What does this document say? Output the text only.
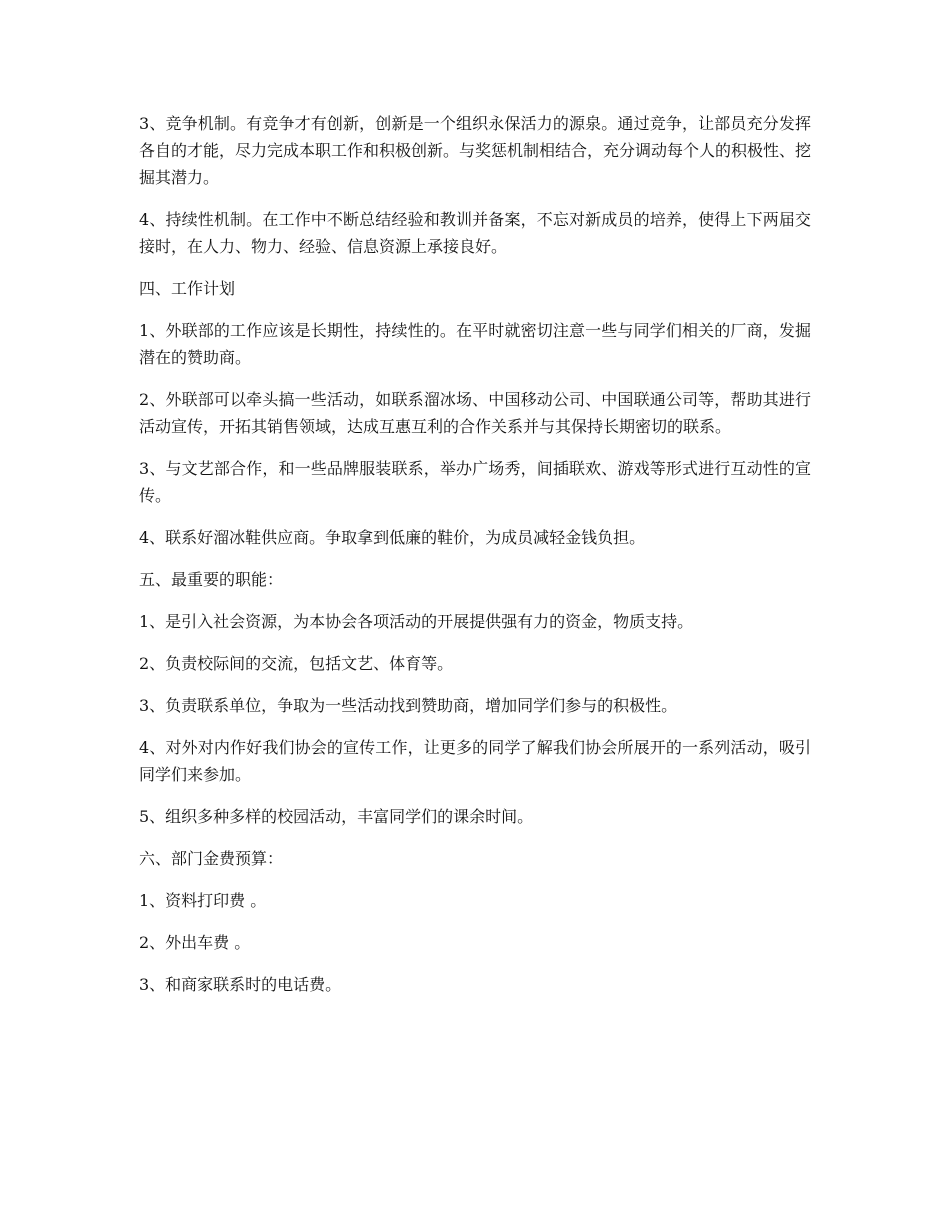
3、竞争机制。有竞争才有创新，创新是一个组织永保活力的源泉。通过竞争，让部员充分发挥各自的才能，尽力完成本职工作和积极创新。与奖惩机制相结合，充分调动每个人的积极性、挖掘其潜力。

4、持续性机制。在工作中不断总结经验和教训并备案，不忘对新成员的培养，使得上下两届交接时，在人力、物力、经验、信息资源上承接良好。

四、工作计划

1、外联部的工作应该是长期性，持续性的。在平时就密切注意一些与同学们相关的厂商，发掘潜在的赞助商。

2、外联部可以牵头搞一些活动，如联系溜冰场、中国移动公司、中国联通公司等，帮助其进行活动宣传，开拓其销售领域，达成互惠互利的合作关系并与其保持长期密切的联系。

3、与文艺部合作，和一些品牌服装联系，举办广场秀，间插联欢、游戏等形式进行互动性的宣传。

4、联系好溜冰鞋供应商。争取拿到低廉的鞋价，为成员减轻金钱负担。

五、最重要的职能：

1、是引入社会资源，为本协会各项活动的开展提供强有力的资金，物质支持。

2、负责校际间的交流，包括文艺、体育等。

3、负责联系单位，争取为一些活动找到赞助商，增加同学们参与的积极性。

4、对外对内作好我们协会的宣传工作，让更多的同学了解我们协会所展开的一系列活动，吸引同学们来参加。

5、组织多种多样的校园活动，丰富同学们的课余时间。

六、部门金费预算：

1、资料打印费 。

2、外出车费 。

3、和商家联系时的电话费。
